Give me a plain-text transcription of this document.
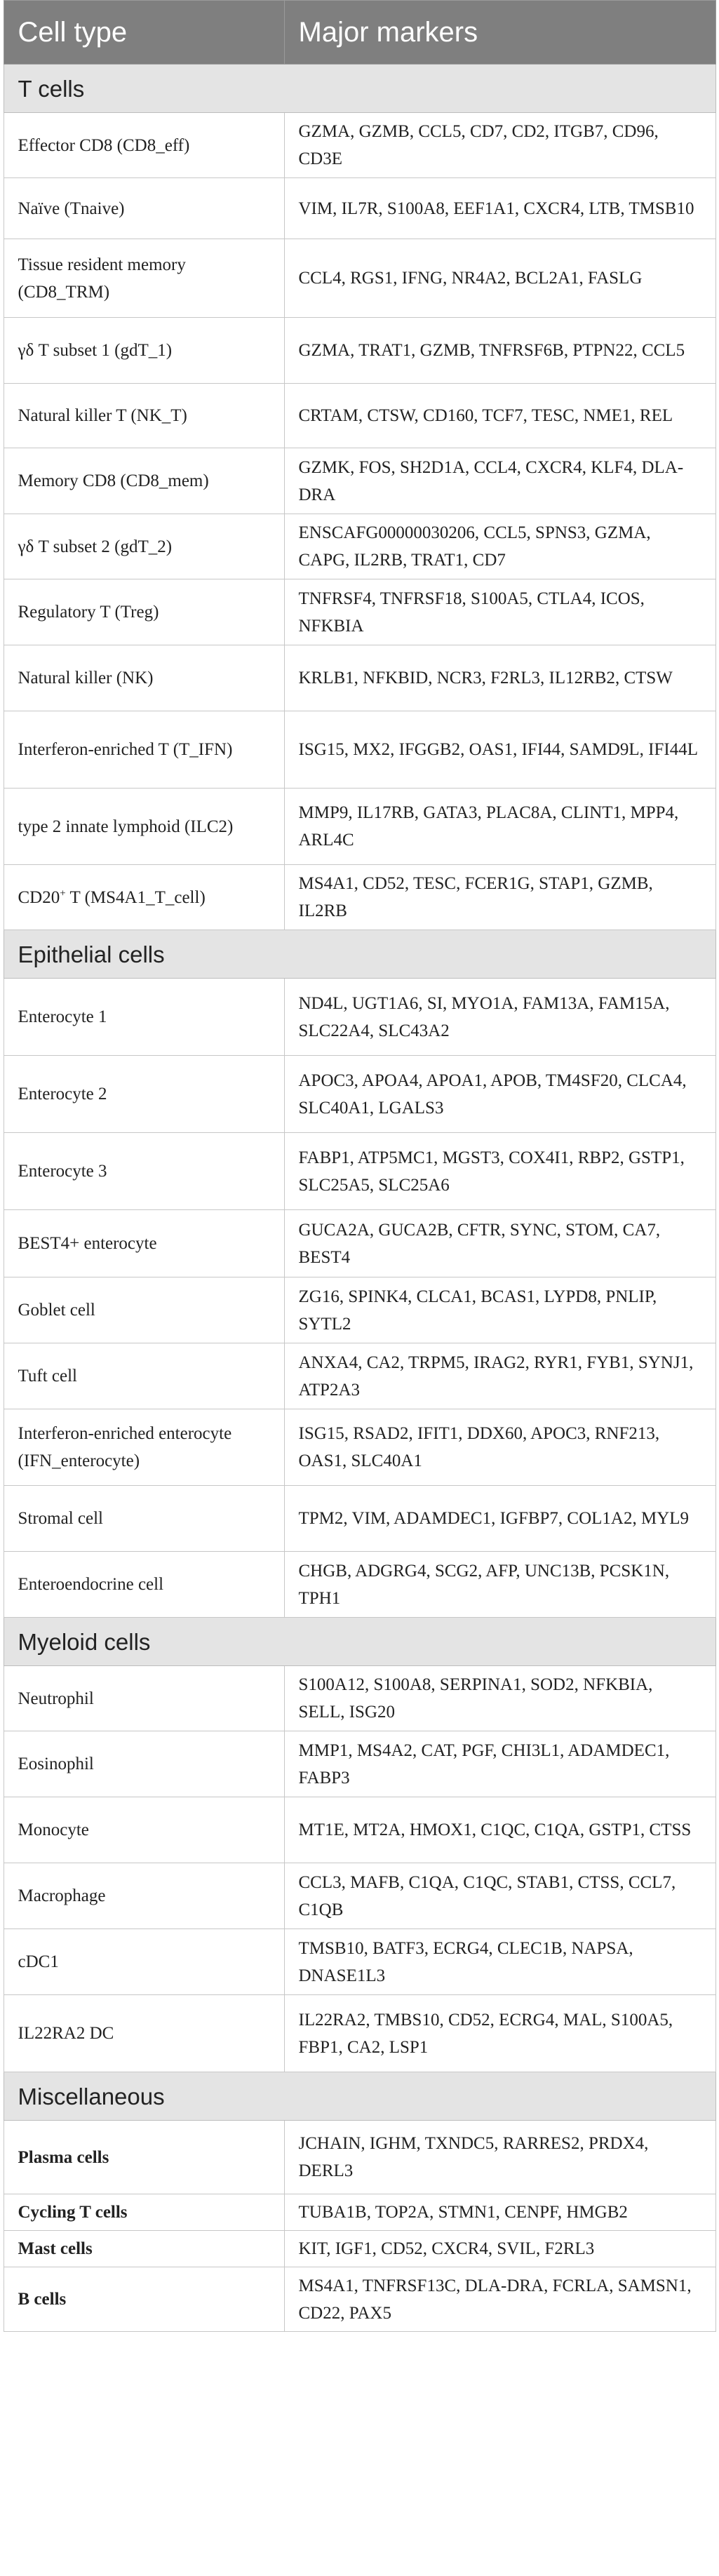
Cell type	Major markers
T cells	
Effector CD8 (CD8_eff)	GZMA, GZMB, CCL5, CD7, CD2, ITGB7, CD96, CD3E
Naïve (Tnaive)	VIM, IL7R, S100A8, EEF1A1, CXCR4, LTB, TMSB10
Tissue resident memory (CD8_TRM)	CCL4, RGS1, IFNG, NR4A2, BCL2A1, FASLG
γδ T subset 1 (gdT_1)	GZMA, TRAT1, GZMB, TNFRSF6B, PTPN22, CCL5
Natural killer T (NK_T)	CRTAM, CTSW, CD160, TCF7, TESC, NME1, REL
Memory CD8 (CD8_mem)	GZMK, FOS, SH2D1A, CCL4, CXCR4, KLF4, DLA-DRA
γδ T subset 2 (gdT_2)	ENSCAFG00000030206, CCL5, SPNS3, GZMA, CAPG, IL2RB, TRAT1, CD7
Regulatory T (Treg)	TNFRSF4, TNFRSF18, S100A5, CTLA4, ICOS, NFKBIA
Natural killer (NK)	KRLB1, NFKBID, NCR3, F2RL3, IL12RB2, CTSW
Interferon-enriched T (T_IFN)	ISG15, MX2, IFGGB2, OAS1, IFI44, SAMD9L, IFI44L
type 2 innate lymphoid (ILC2)	MMP9, IL17RB, GATA3, PLAC8A, CLINT1, MPP4, ARL4C
CD20+ T (MS4A1_T_cell)	MS4A1, CD52, TESC, FCER1G, STAP1, GZMB, IL2RB
Epithelial cells	
Enterocyte 1	ND4L, UGT1A6, SI, MYO1A, FAM13A, FAM15A, SLC22A4, SLC43A2
Enterocyte 2	APOC3, APOA4, APOA1, APOB, TM4SF20, CLCA4, SLC40A1, LGALS3
Enterocyte 3	FABP1, ATP5MC1, MGST3, COX4I1, RBP2, GSTP1, SLC25A5, SLC25A6
BEST4+ enterocyte	GUCA2A, GUCA2B, CFTR, SYNC, STOM, CA7, BEST4
Goblet cell	ZG16, SPINK4, CLCA1, BCAS1, LYPD8, PNLIP, SYTL2
Tuft cell	ANXA4, CA2, TRPM5, IRAG2, RYR1, FYB1, SYNJ1, ATP2A3
Interferon-enriched enterocyte (IFN_enterocyte)	ISG15, RSAD2, IFIT1, DDX60, APOC3, RNF213, OAS1, SLC40A1
Stromal cell	TPM2, VIM, ADAMDEC1, IGFBP7, COL1A2, MYL9
Enteroendocrine cell	CHGB, ADGRG4, SCG2, AFP, UNC13B, PCSK1N, TPH1
Myeloid cells	
Neutrophil	S100A12, S100A8, SERPINA1, SOD2, NFKBIA, SELL, ISG20
Eosinophil	MMP1, MS4A2, CAT, PGF, CHI3L1, ADAMDEC1, FABP3
Monocyte	MT1E, MT2A, HMOX1, C1QC, C1QA, GSTP1, CTSS
Macrophage	CCL3, MAFB, C1QA, C1QC, STAB1, CTSS, CCL7, C1QB
cDC1	TMSB10, BATF3, ECRG4, CLEC1B, NAPSA, DNASE1L3
IL22RA2 DC	IL22RA2, TMBS10, CD52, ECRG4, MAL, S100A5, FBP1, CA2, LSP1
Miscellaneous	
Plasma cells	JCHAIN, IGHM, TXNDC5, RARRES2, PRDX4, DERL3
Cycling T cells	TUBA1B, TOP2A, STMN1, CENPF, HMGB2
Mast cells	KIT, IGF1, CD52, CXCR4, SVIL, F2RL3
B cells	MS4A1, TNFRSF13C, DLA-DRA, FCRLA, SAMSN1, CD22, PAX5
